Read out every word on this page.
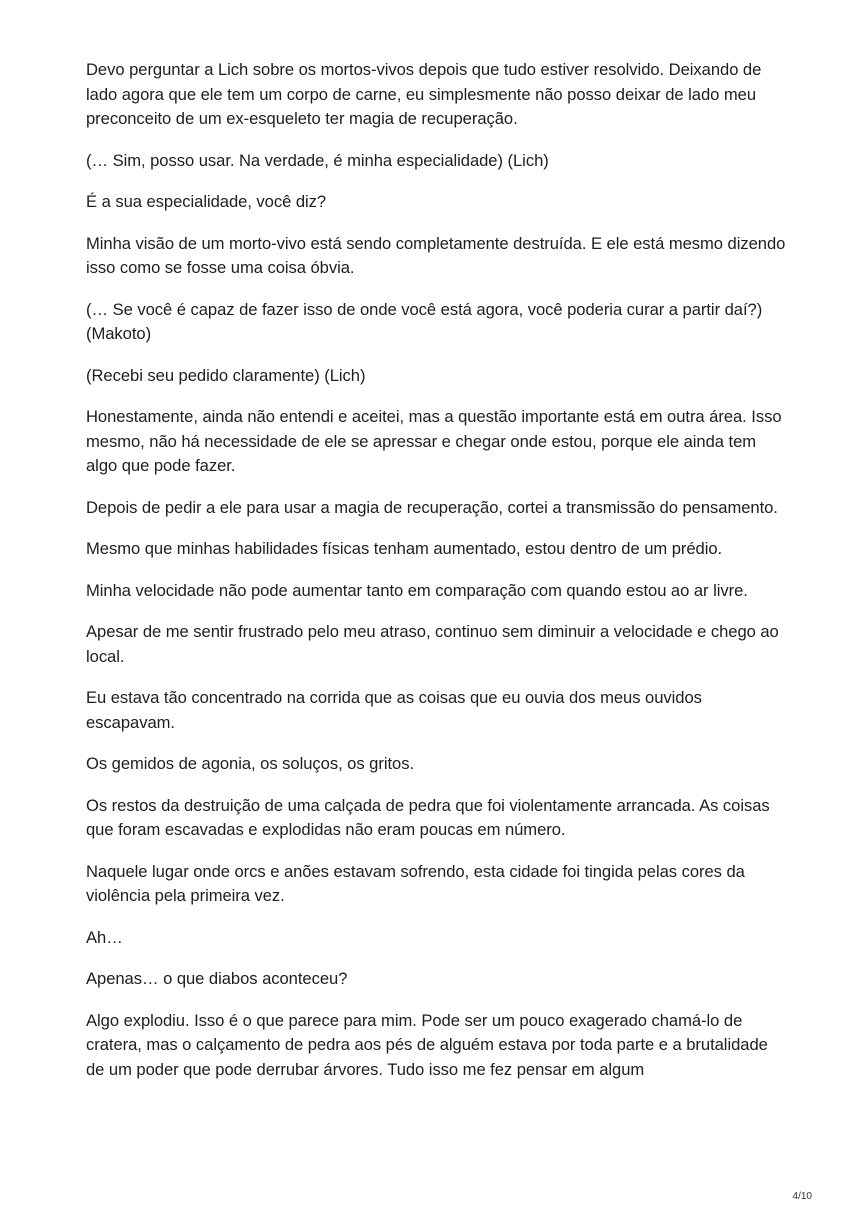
Devo perguntar a Lich sobre os mortos-vivos depois que tudo estiver resolvido. Deixando de lado agora que ele tem um corpo de carne, eu simplesmente não posso deixar de lado meu preconceito de um ex-esqueleto ter magia de recuperação.

(… Sim, posso usar. Na verdade, é minha especialidade) (Lich)

É a sua especialidade, você diz?

Minha visão de um morto-vivo está sendo completamente destruída. E ele está mesmo dizendo isso como se fosse uma coisa óbvia.

(… Se você é capaz de fazer isso de onde você está agora, você poderia curar a partir daí?) (Makoto)

(Recebi seu pedido claramente) (Lich)

Honestamente, ainda não entendi e aceitei, mas a questão importante está em outra área. Isso mesmo, não há necessidade de ele se apressar e chegar onde estou, porque ele ainda tem algo que pode fazer.

Depois de pedir a ele para usar a magia de recuperação, cortei a transmissão do pensamento.

Mesmo que minhas habilidades físicas tenham aumentado, estou dentro de um prédio.

Minha velocidade não pode aumentar tanto em comparação com quando estou ao ar livre.

Apesar de me sentir frustrado pelo meu atraso, continuo sem diminuir a velocidade e chego ao local.

Eu estava tão concentrado na corrida que as coisas que eu ouvia dos meus ouvidos escapavam.

Os gemidos de agonia, os soluços, os gritos.

Os restos da destruição de uma calçada de pedra que foi violentamente arrancada. As coisas que foram escavadas e explodidas não eram poucas em número.

Naquele lugar onde orcs e anões estavam sofrendo, esta cidade foi tingida pelas cores da violência pela primeira vez.

Ah…

Apenas… o que diabos aconteceu?

Algo explodiu. Isso é o que parece para mim. Pode ser um pouco exagerado chamá-lo de cratera, mas o calçamento de pedra aos pés de alguém estava por toda parte e a brutalidade de um poder que pode derrubar árvores. Tudo isso me fez pensar em algum

4/10
